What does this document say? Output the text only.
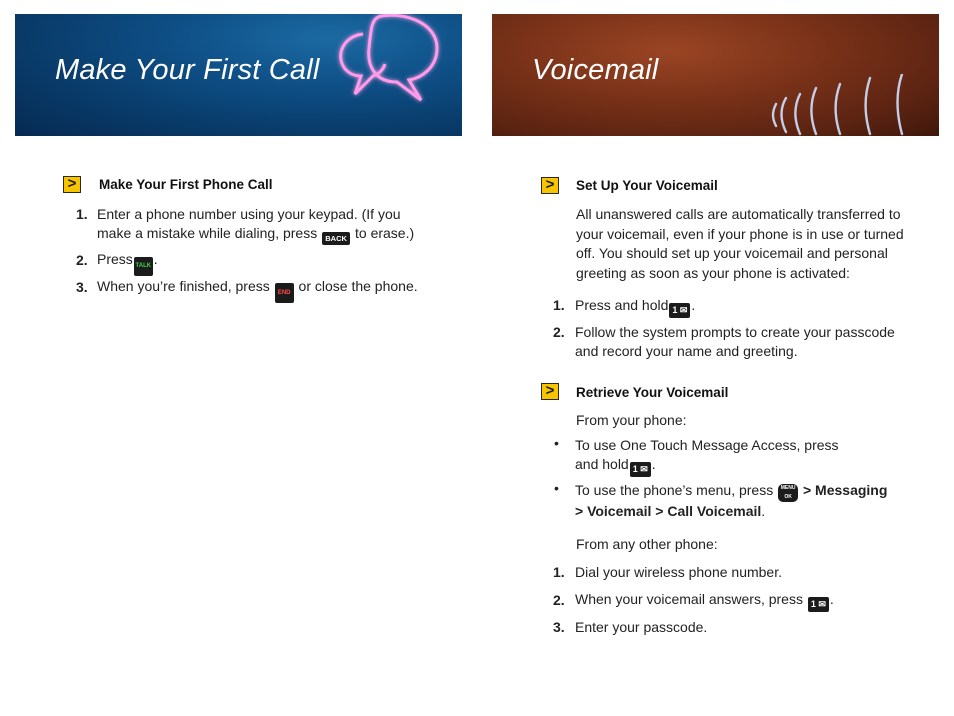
Make Your First Call	Voicemail
>	Make Your First Phone Call
1. Enter a phone number using your keypad. (If you make a mistake while dialing, press BACK to erase.)
2. Press TALK .
3. When you’re finished, press END or close the phone.
>	Set Up Your Voicemail
All unanswered calls are automatically transferred to your voicemail, even if your phone is in use or turned off. You should set up your voicemail and personal greeting as soon as your phone is activated:
1. Press and hold 1 ✉ .
2. Follow the system prompts to create your passcode and record your name and greeting.
>	Retrieve Your Voicemail
From your phone:
• To use One Touch Message Access, press
and hold 1 ✉ .
• To use the phone’s menu, press MENU
OK > Messaging
> Voicemail > Call Voicemail.
From any other phone:
1. Dial your wireless phone number.
2. When your voicemail answers, press 1 ✉ .
3. Enter your passcode.
